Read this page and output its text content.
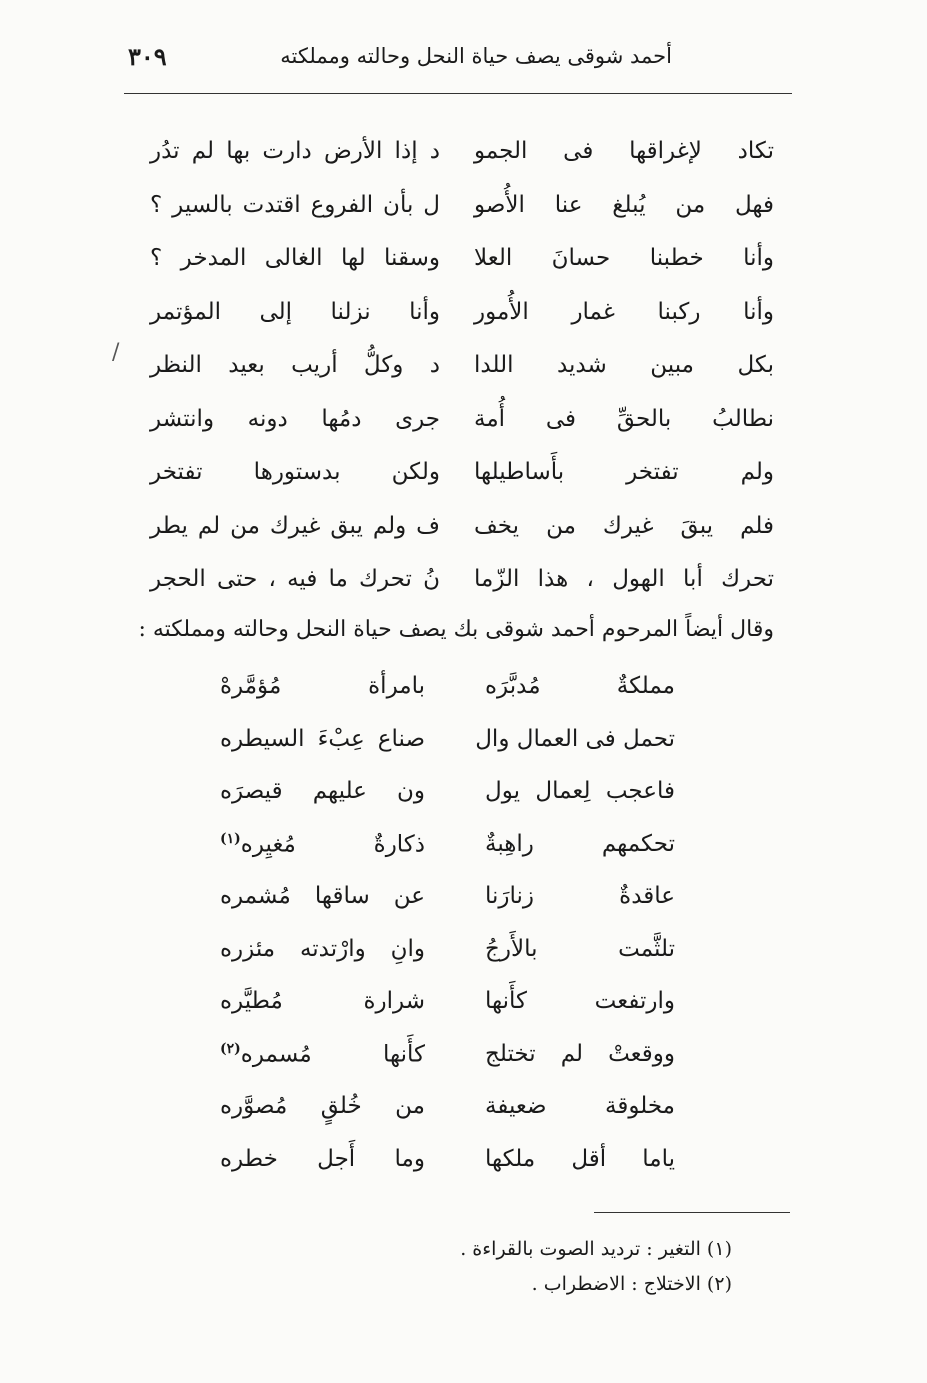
أحمد شوقى يصف حياة النحل وحالته ومملكته
٣٠٩
تكاد لإغراقها فى الجمو
د إذا الأرض دارت بها لم تدُر
فهل من يُبلغ عنا الأُصو
ل بأن الفروع اقتدت بالسير ؟
وأنا خطبنا حسانَ العلا
وسقنا لها الغالى المدخر ؟
وأنا ركبنا غمار الأُمور
وأنا نزلنا إلى المؤتمر
بكل مبين شديد اللدا
د وكلُّ أريب بعيد النظر
نطالبُ بالحقِّ فى أُمة
جرى دمُها دونه وانتشر
ولم تفتخر بأَساطيلها
ولكن بدستورها تفتخر
فلم يبقَ غيرك من يخف
ف ولم يبق غيرك من لم يطر
تحرك أبا الهول ، هذا الزّما
نُ تحرك ما فيه ، حتى الحجر
وقال أيضاً المرحوم أحمد شوقى بك يصف حياة النحل وحالته ومملكته :
مملكةٌ مُدبَّرَه
بامرأة مُؤمَّرهْ
تحمل فى العمال وال
صناع عِبْءَ السيطره
فاعجب لِعمال يول
ون عليهم قيصرَه
تحكمهم راهِبةٌ
ذكارةٌ مُغيِره$^{(١)}$
عاقدةٌ زنارَنا
عن ساقها مُشمره
تلثَّمت بالأَرجُ
وانِ وارْتدته مئزره
وارتفعت كأَنها
شرارة مُطيَّره
ووقعتْ لم تختلج
كأَنها مُسمره$^{(٢)}$
مخلوقة ضعيفة
من خُلقٍ مُصوَّره
ياما أقل ملكها
وما أَجل خطره
(١) التغير : ترديد الصوت بالقراءة .
(٢) الاختلاج : الاضطراب .
/
